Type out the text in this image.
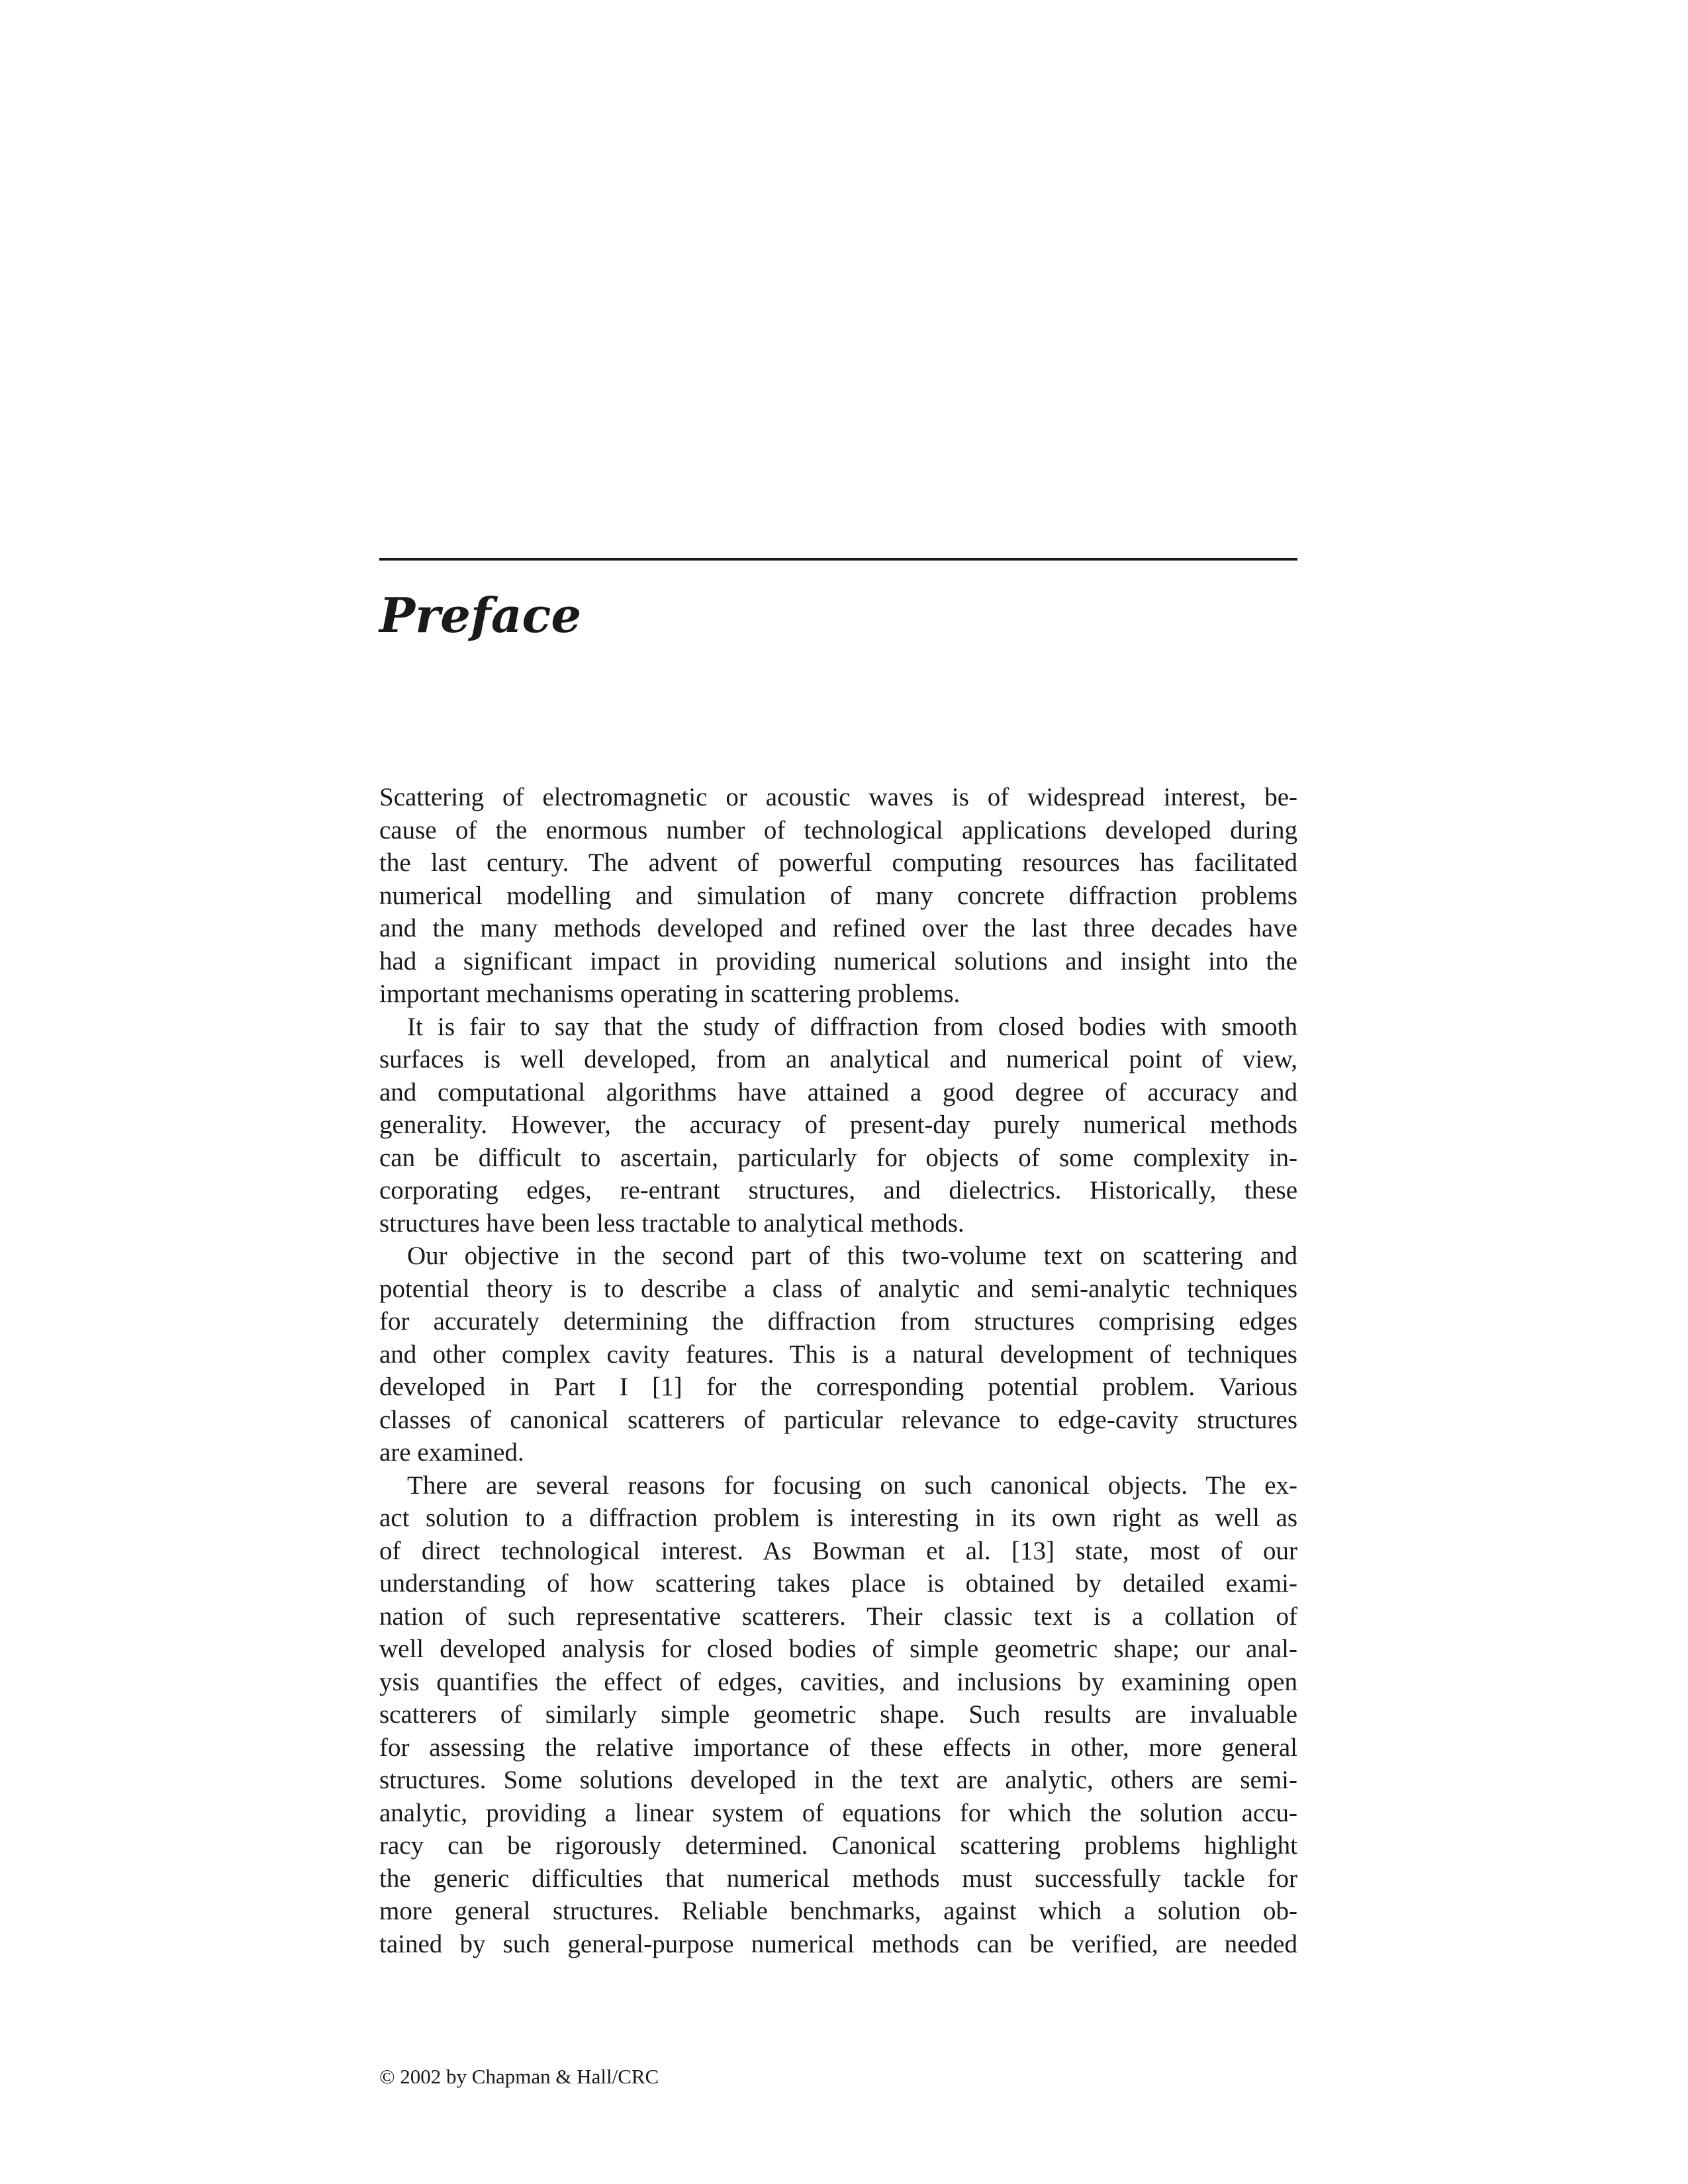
Preface

Scattering of electromagnetic or acoustic waves is of widespread interest, be-
cause of the enormous number of technological applications developed during
the last century. The advent of powerful computing resources has facilitated
numerical modelling and simulation of many concrete diffraction problems
and the many methods developed and refined over the last three decades have
had a significant impact in providing numerical solutions and insight into the
important mechanisms operating in scattering problems.

It is fair to say that the study of diffraction from closed bodies with smooth
surfaces is well developed, from an analytical and numerical point of view,
and computational algorithms have attained a good degree of accuracy and
generality. However, the accuracy of present-day purely numerical methods
can be difficult to ascertain, particularly for objects of some complexity in-
corporating edges, re-entrant structures, and dielectrics. Historically, these
structures have been less tractable to analytical methods.

Our objective in the second part of this two-volume text on scattering and
potential theory is to describe a class of analytic and semi-analytic techniques
for accurately determining the diffraction from structures comprising edges
and other complex cavity features. This is a natural development of techniques
developed in Part I [1] for the corresponding potential problem. Various
classes of canonical scatterers of particular relevance to edge-cavity structures
are examined.

There are several reasons for focusing on such canonical objects. The ex-
act solution to a diffraction problem is interesting in its own right as well as
of direct technological interest. As Bowman et al. [13] state, most of our
understanding of how scattering takes place is obtained by detailed exami-
nation of such representative scatterers. Their classic text is a collation of
well developed analysis for closed bodies of simple geometric shape; our anal-
ysis quantifies the effect of edges, cavities, and inclusions by examining open
scatterers of similarly simple geometric shape. Such results are invaluable
for assessing the relative importance of these effects in other, more general
structures. Some solutions developed in the text are analytic, others are semi-
analytic, providing a linear system of equations for which the solution accu-
racy can be rigorously determined. Canonical scattering problems highlight
the generic difficulties that numerical methods must successfully tackle for
more general structures. Reliable benchmarks, against which a solution ob-
tained by such general-purpose numerical methods can be verified, are needed

© 2002 by Chapman & Hall/CRC
